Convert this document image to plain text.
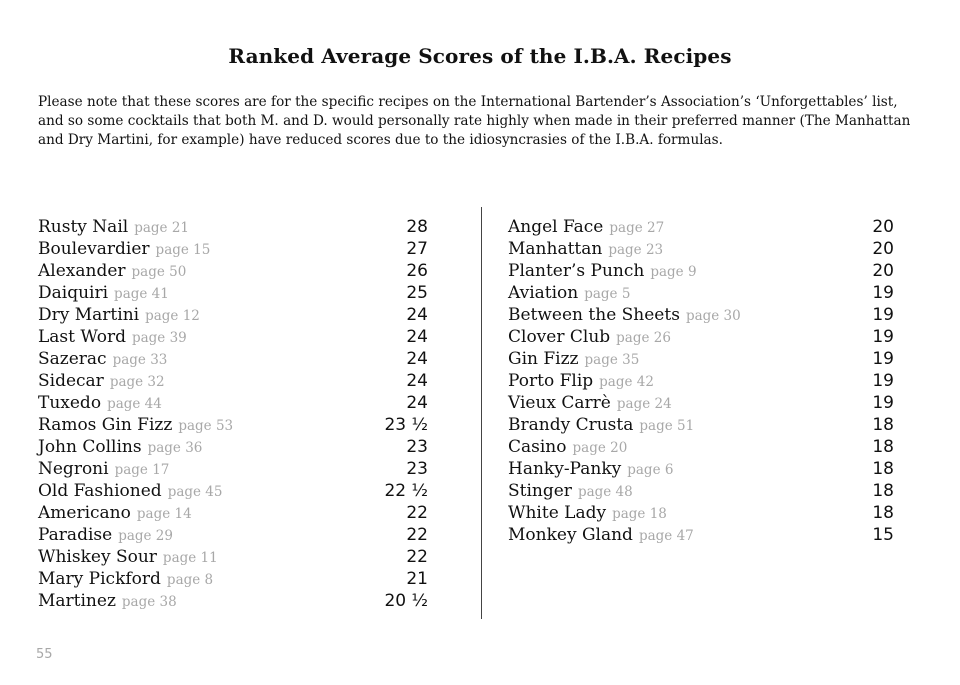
Ranked Average Scores of the I.B.A. Recipes
Please note that these scores are for the specific recipes on the International Bartender’s Association’s ‘Unforgettables’ list, and so some cocktails that both M. and D. would personally rate highly when made in their preferred manner (The Manhattan and Dry Martini, for example) have reduced scores due to the idiosyncrasies of the I.B.A. formulas.
Rusty Nail page 21	28
Boulevardier page 15	27
Alexander page 50	26
Daiquiri page 41	25
Dry Martini page 12	24
Last Word page 39	24
Sazerac page 33	24
Sidecar page 32	24
Tuxedo page 44	24
Ramos Gin Fizz page 53	23 ½
John Collins page 36	23
Negroni page 17	23
Old Fashioned page 45	22 ½
Americano page 14	22
Paradise page 29	22
Whiskey Sour page 11	22
Mary Pickford page 8	21
Martinez page 38	20 ½
Angel Face page 27	20
Manhattan page 23	20
Planter’s Punch page 9	20
Aviation page 5	19
Between the Sheets page 30	19
Clover Club page 26	19
Gin Fizz page 35	19
Porto Flip page 42	19
Vieux Carrè page 24	19
Brandy Crusta page 51	18
Casino page 20	18
Hanky-Panky page 6	18
Stinger page 48	18
White Lady page 18	18
Monkey Gland page 47	15
55
